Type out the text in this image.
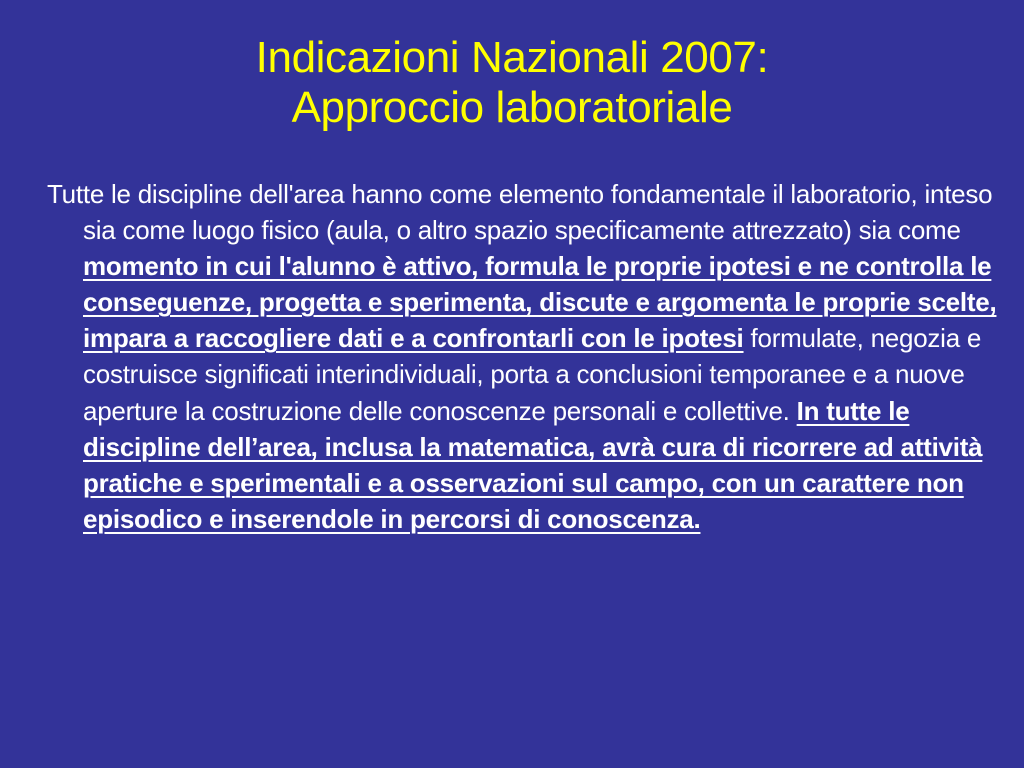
Indicazioni Nazionali 2007:
Approccio laboratoriale

Tutte le discipline dell'area hanno come elemento fondamentale il laboratorio, inteso sia come luogo fisico (aula, o altro spazio specificamente attrezzato) sia come momento in cui l'alunno è attivo, formula le proprie ipotesi e ne controlla le conseguenze, progetta e sperimenta, discute e argomenta le proprie scelte, impara a raccogliere dati e a confrontarli con le ipotesi formulate, negozia e costruisce significati interindividuali, porta a conclusioni temporanee e a nuove aperture la costruzione delle conoscenze personali e collettive. In tutte le discipline dell’area, inclusa la matematica, avrà cura di ricorrere ad attività pratiche e sperimentali e a osservazioni sul campo, con un carattere non episodico e inserendole in percorsi di conoscenza.
